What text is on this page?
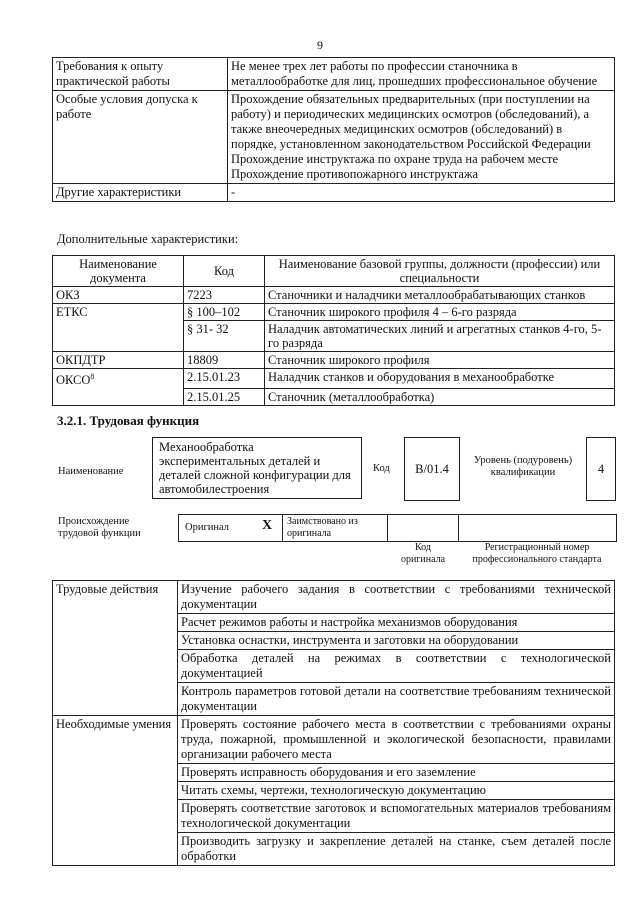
9
Требования к опыту практической работы	Не менее трех лет работы по профессии станочника в металлообработке для лиц, прошедших профессиональное обучение
Особые условия допуска к работе	Прохождение обязательных предварительных (при поступлении на работу) и периодических медицинских осмотров (обследований), а также внеочередных медицинских осмотров (обследований) в порядке, установленном законодательством Российской Федерации
Прохождение инструктажа по охране труда на рабочем месте
Прохождение противопожарного инструктажа

Другие характеристики	-
Дополнительные характеристики:
Наименование документа	Код	Наименование базовой группы, должности (профессии) или специальности
ОКЗ	7223	Станочники и наладчики металлообрабатывающих станков
ЕТКС	§ 100–102	Станочник широкого профиля 4 – 6-го разряда
	§ 31- 32	Наладчик автоматических линий и агрегатных станков 4-го, 5-го разряда
ОКПДТР	18809	Станочник широкого профиля
ОКСО$^8$	2.15.01.23	Наладчик станков и оборудования в механообработке
	2.15.01.25	Станочник (металлообработка)
3.2.1. Трудовая функция
Наименование
Механообработка экспериментальных деталей и деталей сложной конфигурации для автомобилестроения
Код	B/01.4
Уровень (подуровень) квалификации	4
Происхождение трудовой функции
Оригинал X Заимствовано из оригинала
Код оригинала
Регистрационный номер профессионального стандарта
Трудовые действия	Изучение рабочего задания в соответствии с требованиями технической документации
	Расчет режимов работы и настройка механизмов оборудования
	Установка оснастки, инструмента и заготовки на оборудовании
	Обработка деталей на режимах в соответствии с технологической документацией
	Контроль параметров готовой детали на соответствие требованиям технической документации
Необходимые умения	Проверять состояние рабочего места в соответствии с требованиями охраны труда, пожарной, промышленной и экологической безопасности, правилами организации рабочего места
	Проверять исправность оборудования и его заземление
	Читать схемы, чертежи, технологическую документацию
	Проверять соответствие заготовок и вспомогательных материалов требованиям технологической документации
	Производить загрузку и закрепление деталей на станке, съем деталей после обработки
